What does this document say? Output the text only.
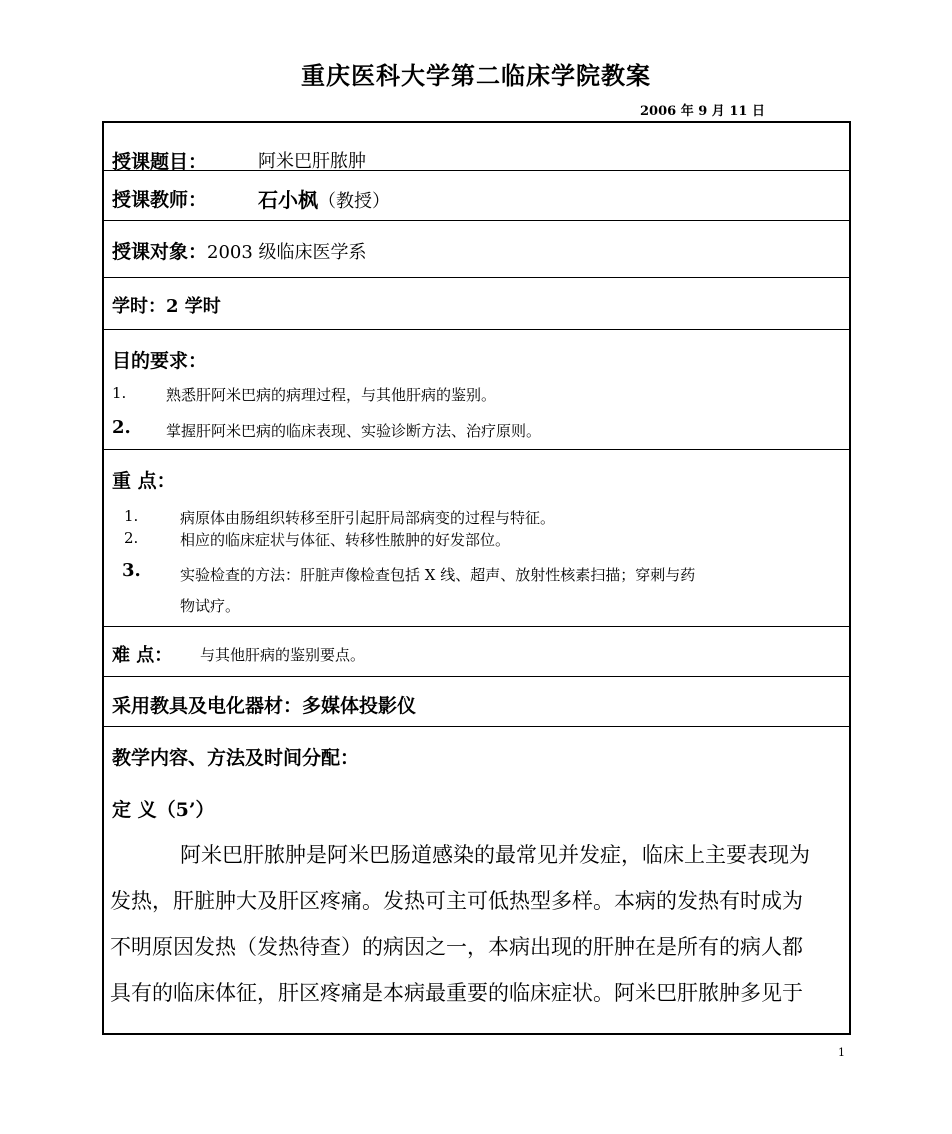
重庆医科大学第二临床学院教案
2006 年 9 月 11 日
授课题目：	阿米巴肝脓肿
授课教师：	石小枫（教授）
授课对象：2003 级临床医学系
学时：2 学时
目的要求：
1.	熟悉肝阿米巴病的病理过程，与其他肝病的鉴别。
2. 掌握肝阿米巴病的临床表现、实验诊断方法、治疗原则。
重 点：
1.	病原体由肠组织转移至肝引起肝局部病变的过程与特征。
2.	相应的临床症状与体征、转移性脓肿的好发部位。
3.	实验检查的方法：肝脏声像检查包括 X 线、超声、放射性核素扫描；穿刺与药
物试疗。
难 点： 与其他肝病的鉴别要点。
采用教具及电化器材：多媒体投影仪
教学内容、方法及时间分配：
定 义（5’）
阿米巴肝脓肿是阿米巴肠道感染的最常见并发症，临床上主要表现为
发热，肝脏肿大及肝区疼痛。发热可主可低热型多样。本病的发热有时成为
不明原因发热（发热待查）的病因之一，本病出现的肝肿在是所有的病人都
具有的临床体征，肝区疼痛是本病最重要的临床症状。阿米巴肝脓肿多见于
1
